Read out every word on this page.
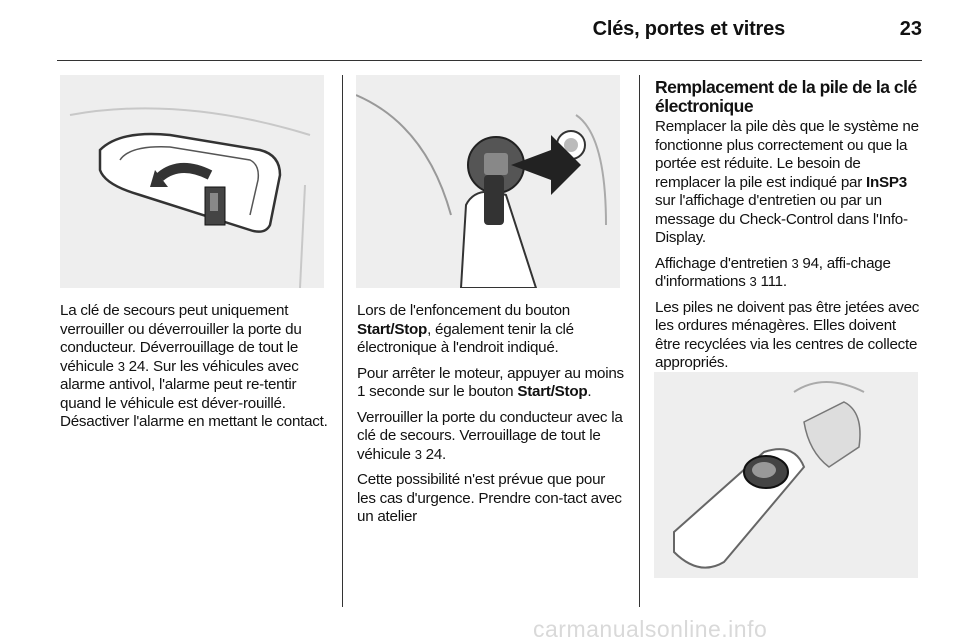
Clés, portes et vitres	23

La clé de secours peut uniquement verrouiller ou déverrouiller la porte du conducteur. Déverrouillage de tout le véhicule 3 24. Sur les véhicules avec alarme antivol, l'alarme peut re-tentir quand le véhicule est déver-rouillé. Désactiver l'alarme en mettant le contact.

Lors de l'enfoncement du bouton Start/Stop, également tenir la clé électronique à l'endroit indiqué.

Pour arrêter le moteur, appuyer au moins 1 seconde sur le bouton Start/Stop.

Verrouiller la porte du conducteur avec la clé de secours. Verrouillage de tout le véhicule 3 24.

Cette possibilité n'est prévue que pour les cas d'urgence. Prendre con-tact avec un atelier

Remplacement de la pile de la clé électronique

Remplacer la pile dès que le système ne fonctionne plus correctement ou que la portée est réduite. Le besoin de remplacer la pile est indiqué par InSP3 sur l'affichage d'entretien ou par un message du Check-Control dans l'Info-Display.

Affichage d'entretien 3 94, affi-chage d'informations 3 111.

Les piles ne doivent pas être jetées avec les ordures ménagères. Elles doivent être recyclées via les centres de collecte appropriés.

carmanualsonline.info
